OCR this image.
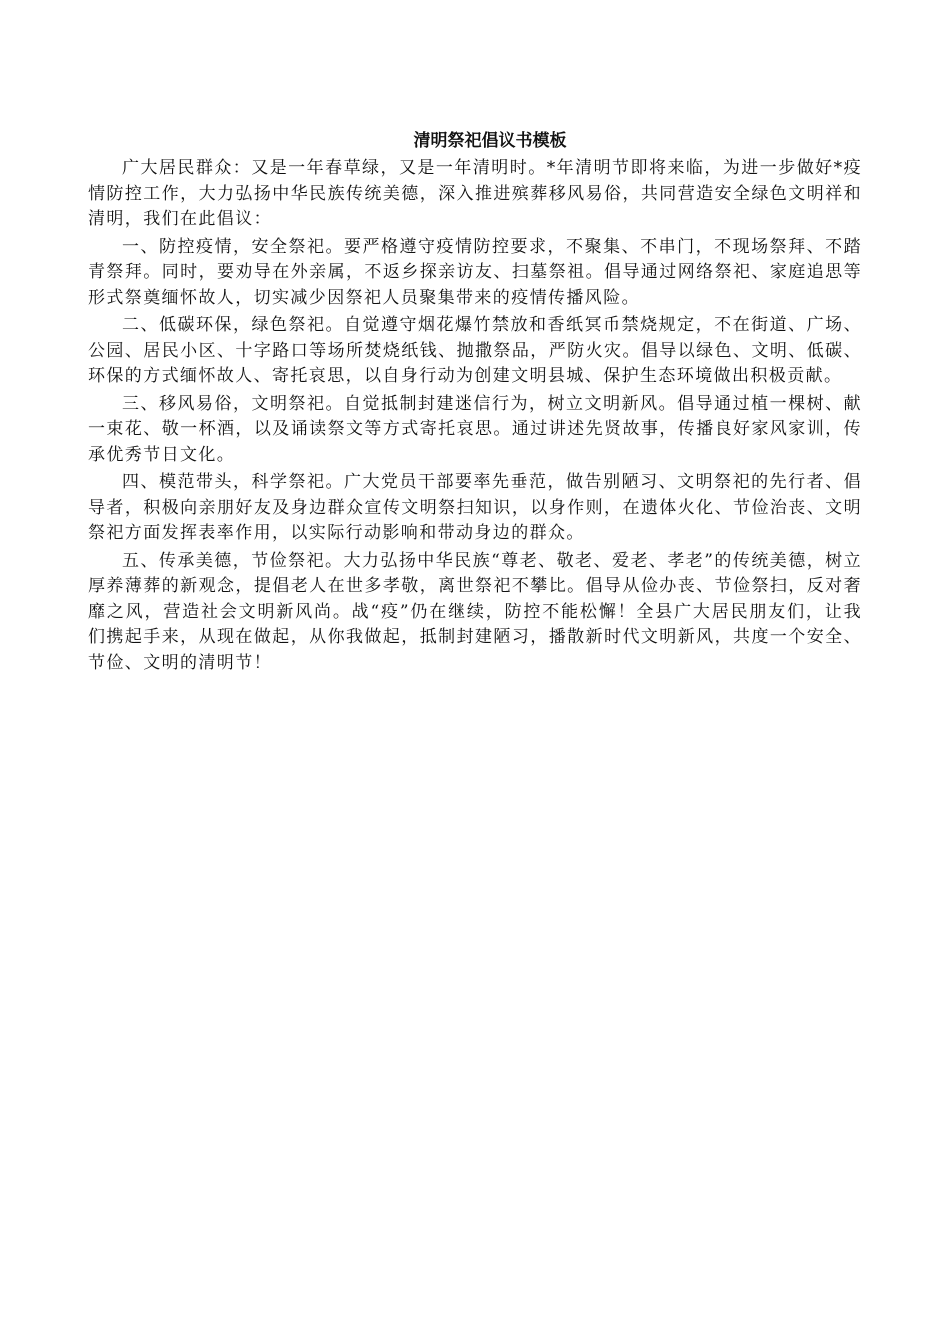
清明祭祀倡议书模板

广大居民群众：又是一年春草绿，又是一年清明时。*年清明节即将来临，为进一步做好*疫情防控工作，大力弘扬中华民族传统美德，深入推进殡葬移风易俗，共同营造安全绿色文明祥和清明，我们在此倡议：

一、防控疫情，安全祭祀。要严格遵守疫情防控要求，不聚集、不串门，不现场祭拜、不踏青祭拜。同时，要劝导在外亲属，不返乡探亲访友、扫墓祭祖。倡导通过网络祭祀、家庭追思等形式祭奠缅怀故人，切实减少因祭祀人员聚集带来的疫情传播风险。

二、低碳环保，绿色祭祀。自觉遵守烟花爆竹禁放和香纸冥币禁烧规定，不在街道、广场、公园、居民小区、十字路口等场所焚烧纸钱、抛撒祭品，严防火灾。倡导以绿色、文明、低碳、环保的方式缅怀故人、寄托哀思，以自身行动为创建文明县城、保护生态环境做出积极贡献。

三、移风易俗，文明祭祀。自觉抵制封建迷信行为，树立文明新风。倡导通过植一棵树、献一束花、敬一杯酒，以及诵读祭文等方式寄托哀思。通过讲述先贤故事，传播良好家风家训，传承优秀节日文化。

四、模范带头，科学祭祀。广大党员干部要率先垂范，做告别陋习、文明祭祀的先行者、倡导者，积极向亲朋好友及身边群众宣传文明祭扫知识，以身作则，在遗体火化、节俭治丧、文明祭祀方面发挥表率作用，以实际行动影响和带动身边的群众。

五、传承美德，节俭祭祀。大力弘扬中华民族“尊老、敬老、爱老、孝老”的传统美德，树立厚养薄葬的新观念，提倡老人在世多孝敬，离世祭祀不攀比。倡导从俭办丧、节俭祭扫，反对奢靡之风，营造社会文明新风尚。战“疫”仍在继续，防控不能松懈！全县广大居民朋友们，让我们携起手来，从现在做起，从你我做起，抵制封建陋习，播散新时代文明新风，共度一个安全、节俭、文明的清明节！
